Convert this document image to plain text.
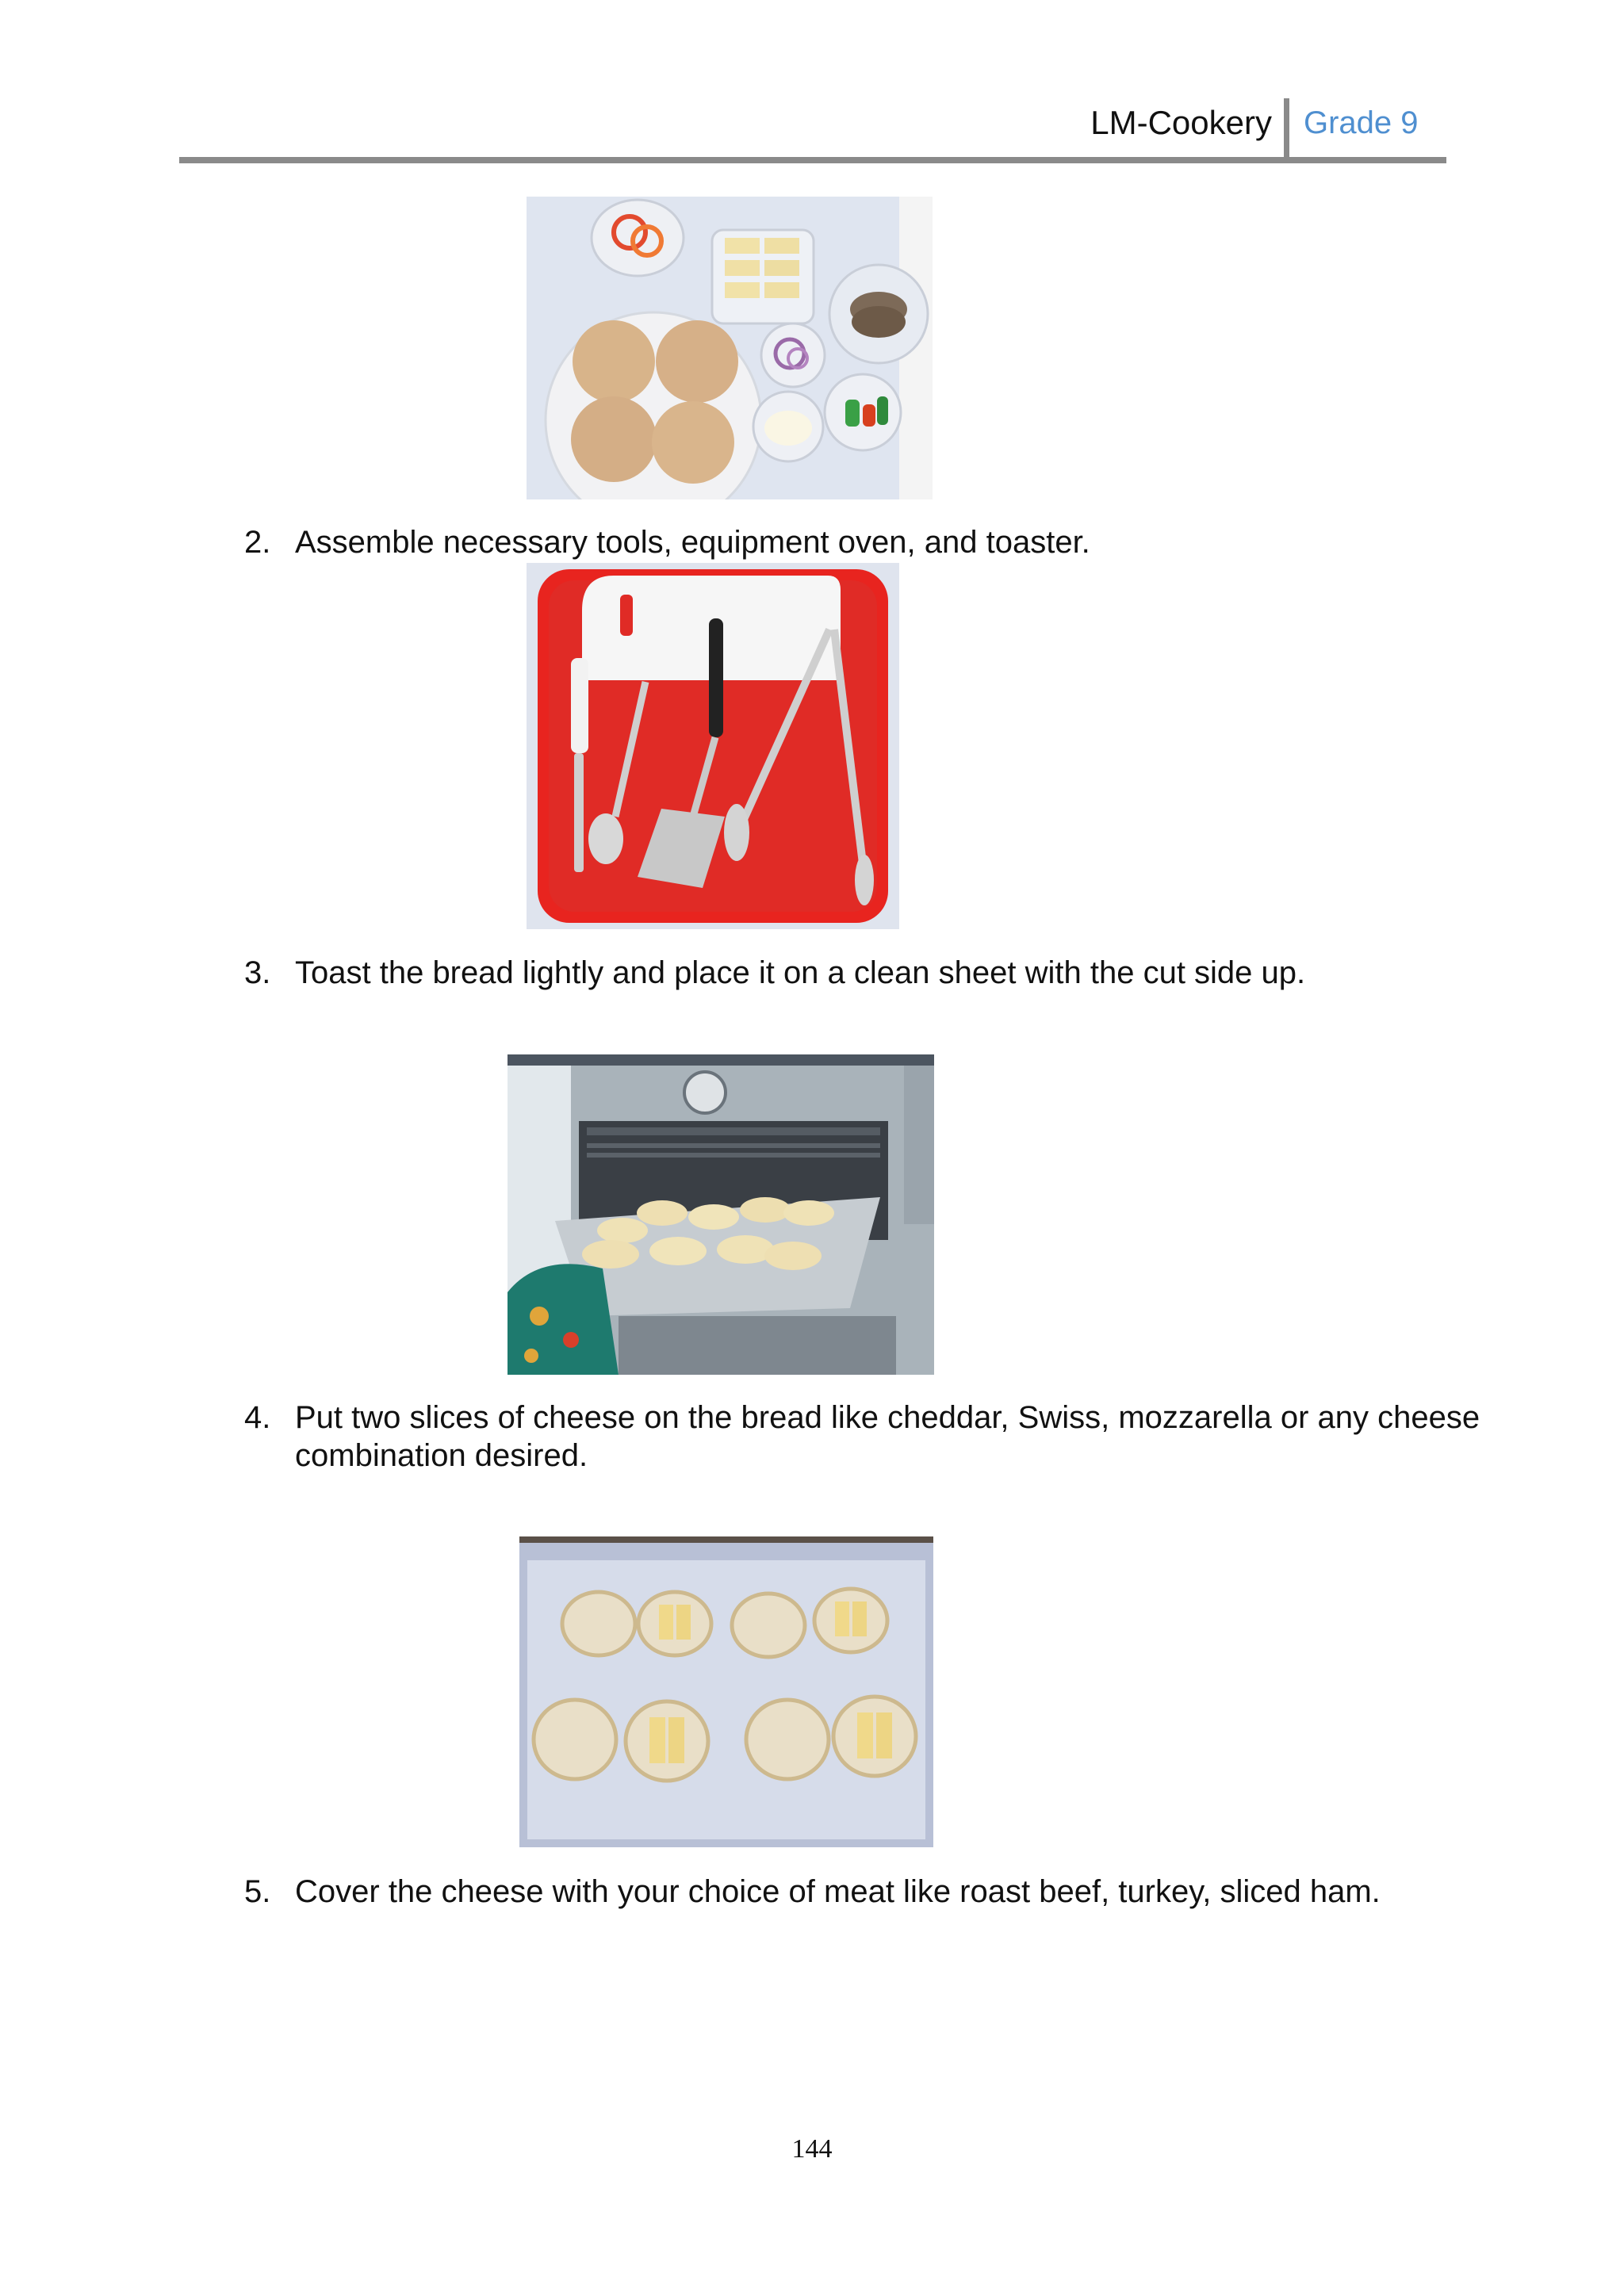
LM-Cookery Grade 9
2. Assemble necessary tools, equipment oven, and toaster.
3. Toast the bread lightly and place it on a clean sheet with the cut side up.
4. Put two slices of cheese on the bread like cheddar, Swiss, mozzarella or any cheese combination desired.
5. Cover the cheese with your choice of meat like roast beef, turkey, sliced ham.
144
